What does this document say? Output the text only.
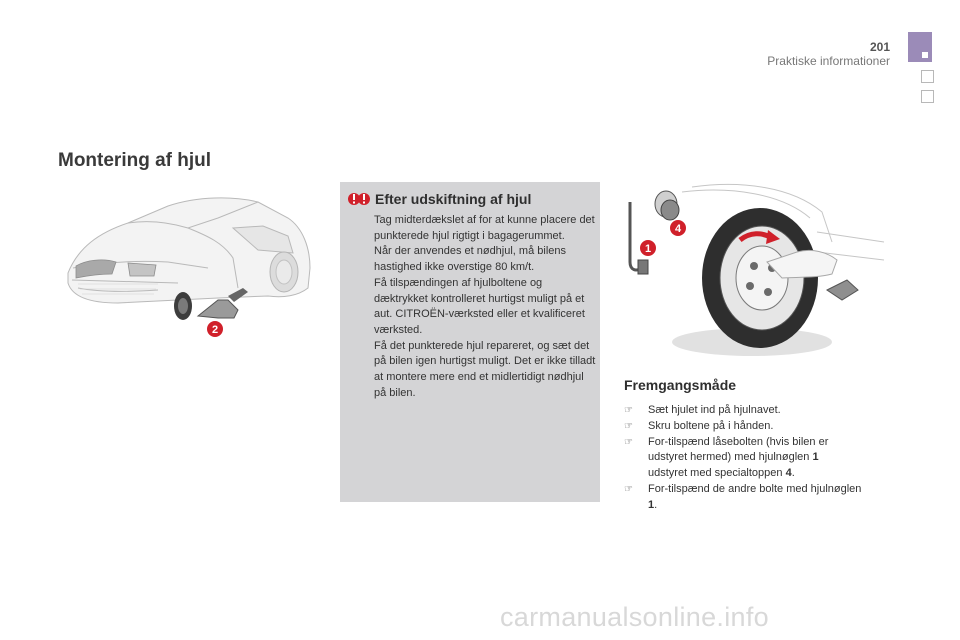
201
Praktiske informationer
Montering af hjul
2
1
4
Efter udskiftning af hjul

Tag midterdækslet af for at kunne placere det punkterede hjul rigtigt i bagagerummet.

Når der anvendes et nødhjul, må bilens hastighed ikke overstige 80 km/t.

Få tilspændingen af hjulboltene og dæktrykket kontrolleret hurtigst muligt på et aut. CITROËN-værksted eller et kvalificeret værksted.

Få det punkterede hjul repareret, og sæt det på bilen igen hurtigst muligt. Det er ikke tilladt at montere mere end et midlertidigt nødhjul på bilen.	Fremgangsmåde
☞ Sæt hjulet ind på hjulnavet.
☞ Skru boltene på i hånden.
☞ For-tilspænd låsebolten (hvis bilen er udstyret hermed) med hjulnøglen 1
udstyret med specialtoppen 4.
☞ For-tilspænd de andre bolte med hjulnøglen 1.
carmanualsonline.info
